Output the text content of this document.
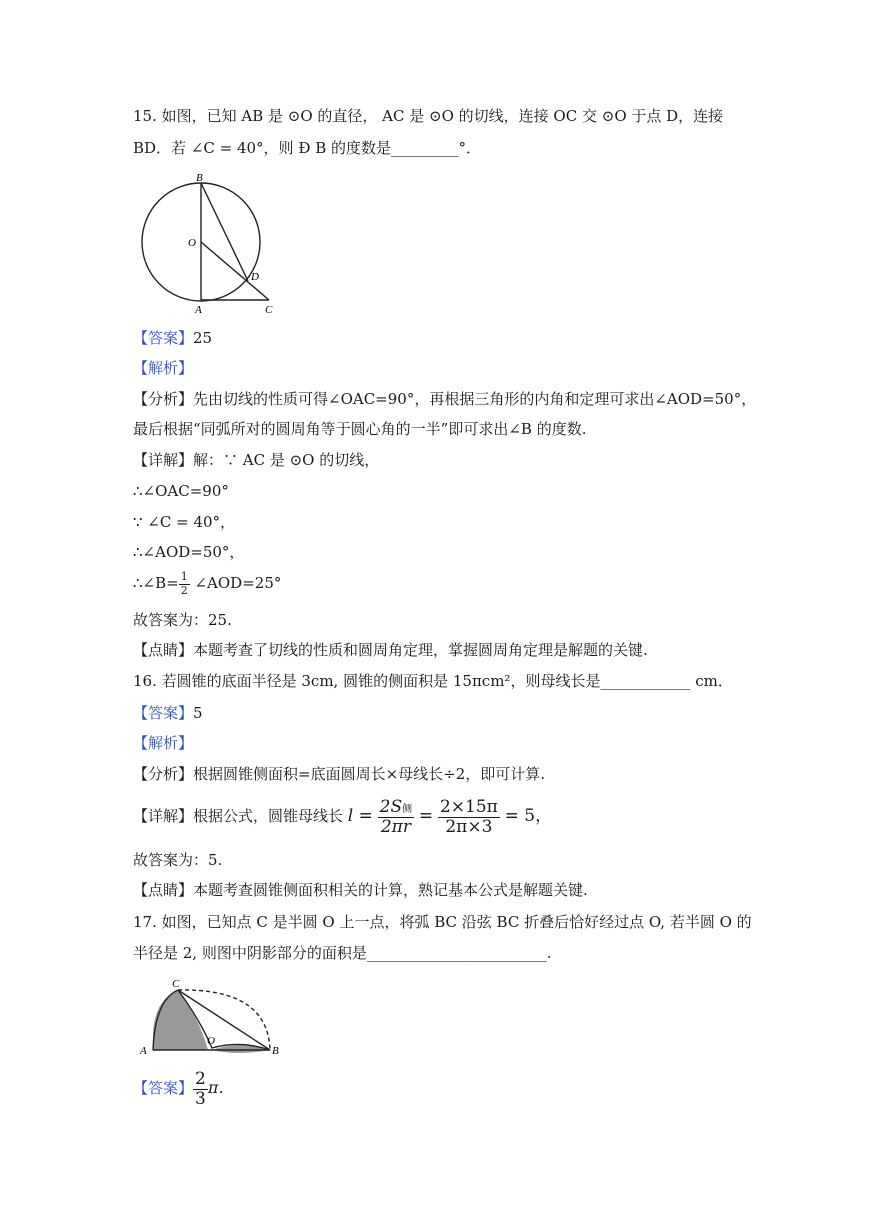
15. 如图，已知 AB 是 ⊙O 的直径， AC 是 ⊙O 的切线，连接 OC 交 ⊙O 于点 D，连接
BD．若 ∠C = 40°，则 Ð B 的度数是_________°．
B
O
D
A	C
【答案】25
【解析】
【分析】先由切线的性质可得∠OAC=90°，再根据三角形的内角和定理可求出∠AOD=50°，
最后根据“同弧所对的圆周角等于圆心角的一半”即可求出∠B 的度数.
【详解】解：∵ AC 是 ⊙O 的切线，
∴∠OAC=90°
∵ ∠C = 40°，
∴∠AOD=50°，
∴∠B= $\frac{1}{2}$ ∠AOD=25°
故答案为：25.
【点睛】本题考查了切线的性质和圆周角定理，掌握圆周角定理是解题的关键.
16. 若圆锥的底面半径是 3cm, 圆锥的侧面积是 15πcm²，则母线长是____________ cm．
【答案】5
【解析】
【分析】根据圆锥侧面积=底面圆周长×母线长÷2，即可计算.
【详解】根据公式，圆锥母线长 $l = \frac{\text{2S侧}}{2\pi r} = \frac{2\times 15\pi}{2\pi\times 3} = 5$，
故答案为：5.
【点睛】本题考查圆锥侧面积相关的计算，熟记基本公式是解题关键.
17. 如图，已知点 C 是半圆 O 上一点，将弧 BC 沿弦 BC 折叠后恰好经过点 O, 若半圆 O 的
半径是 2, 则图中阴影部分的面积是________________________.
C
O
A	B
【答案】 $\frac{2}{3}$ π．
